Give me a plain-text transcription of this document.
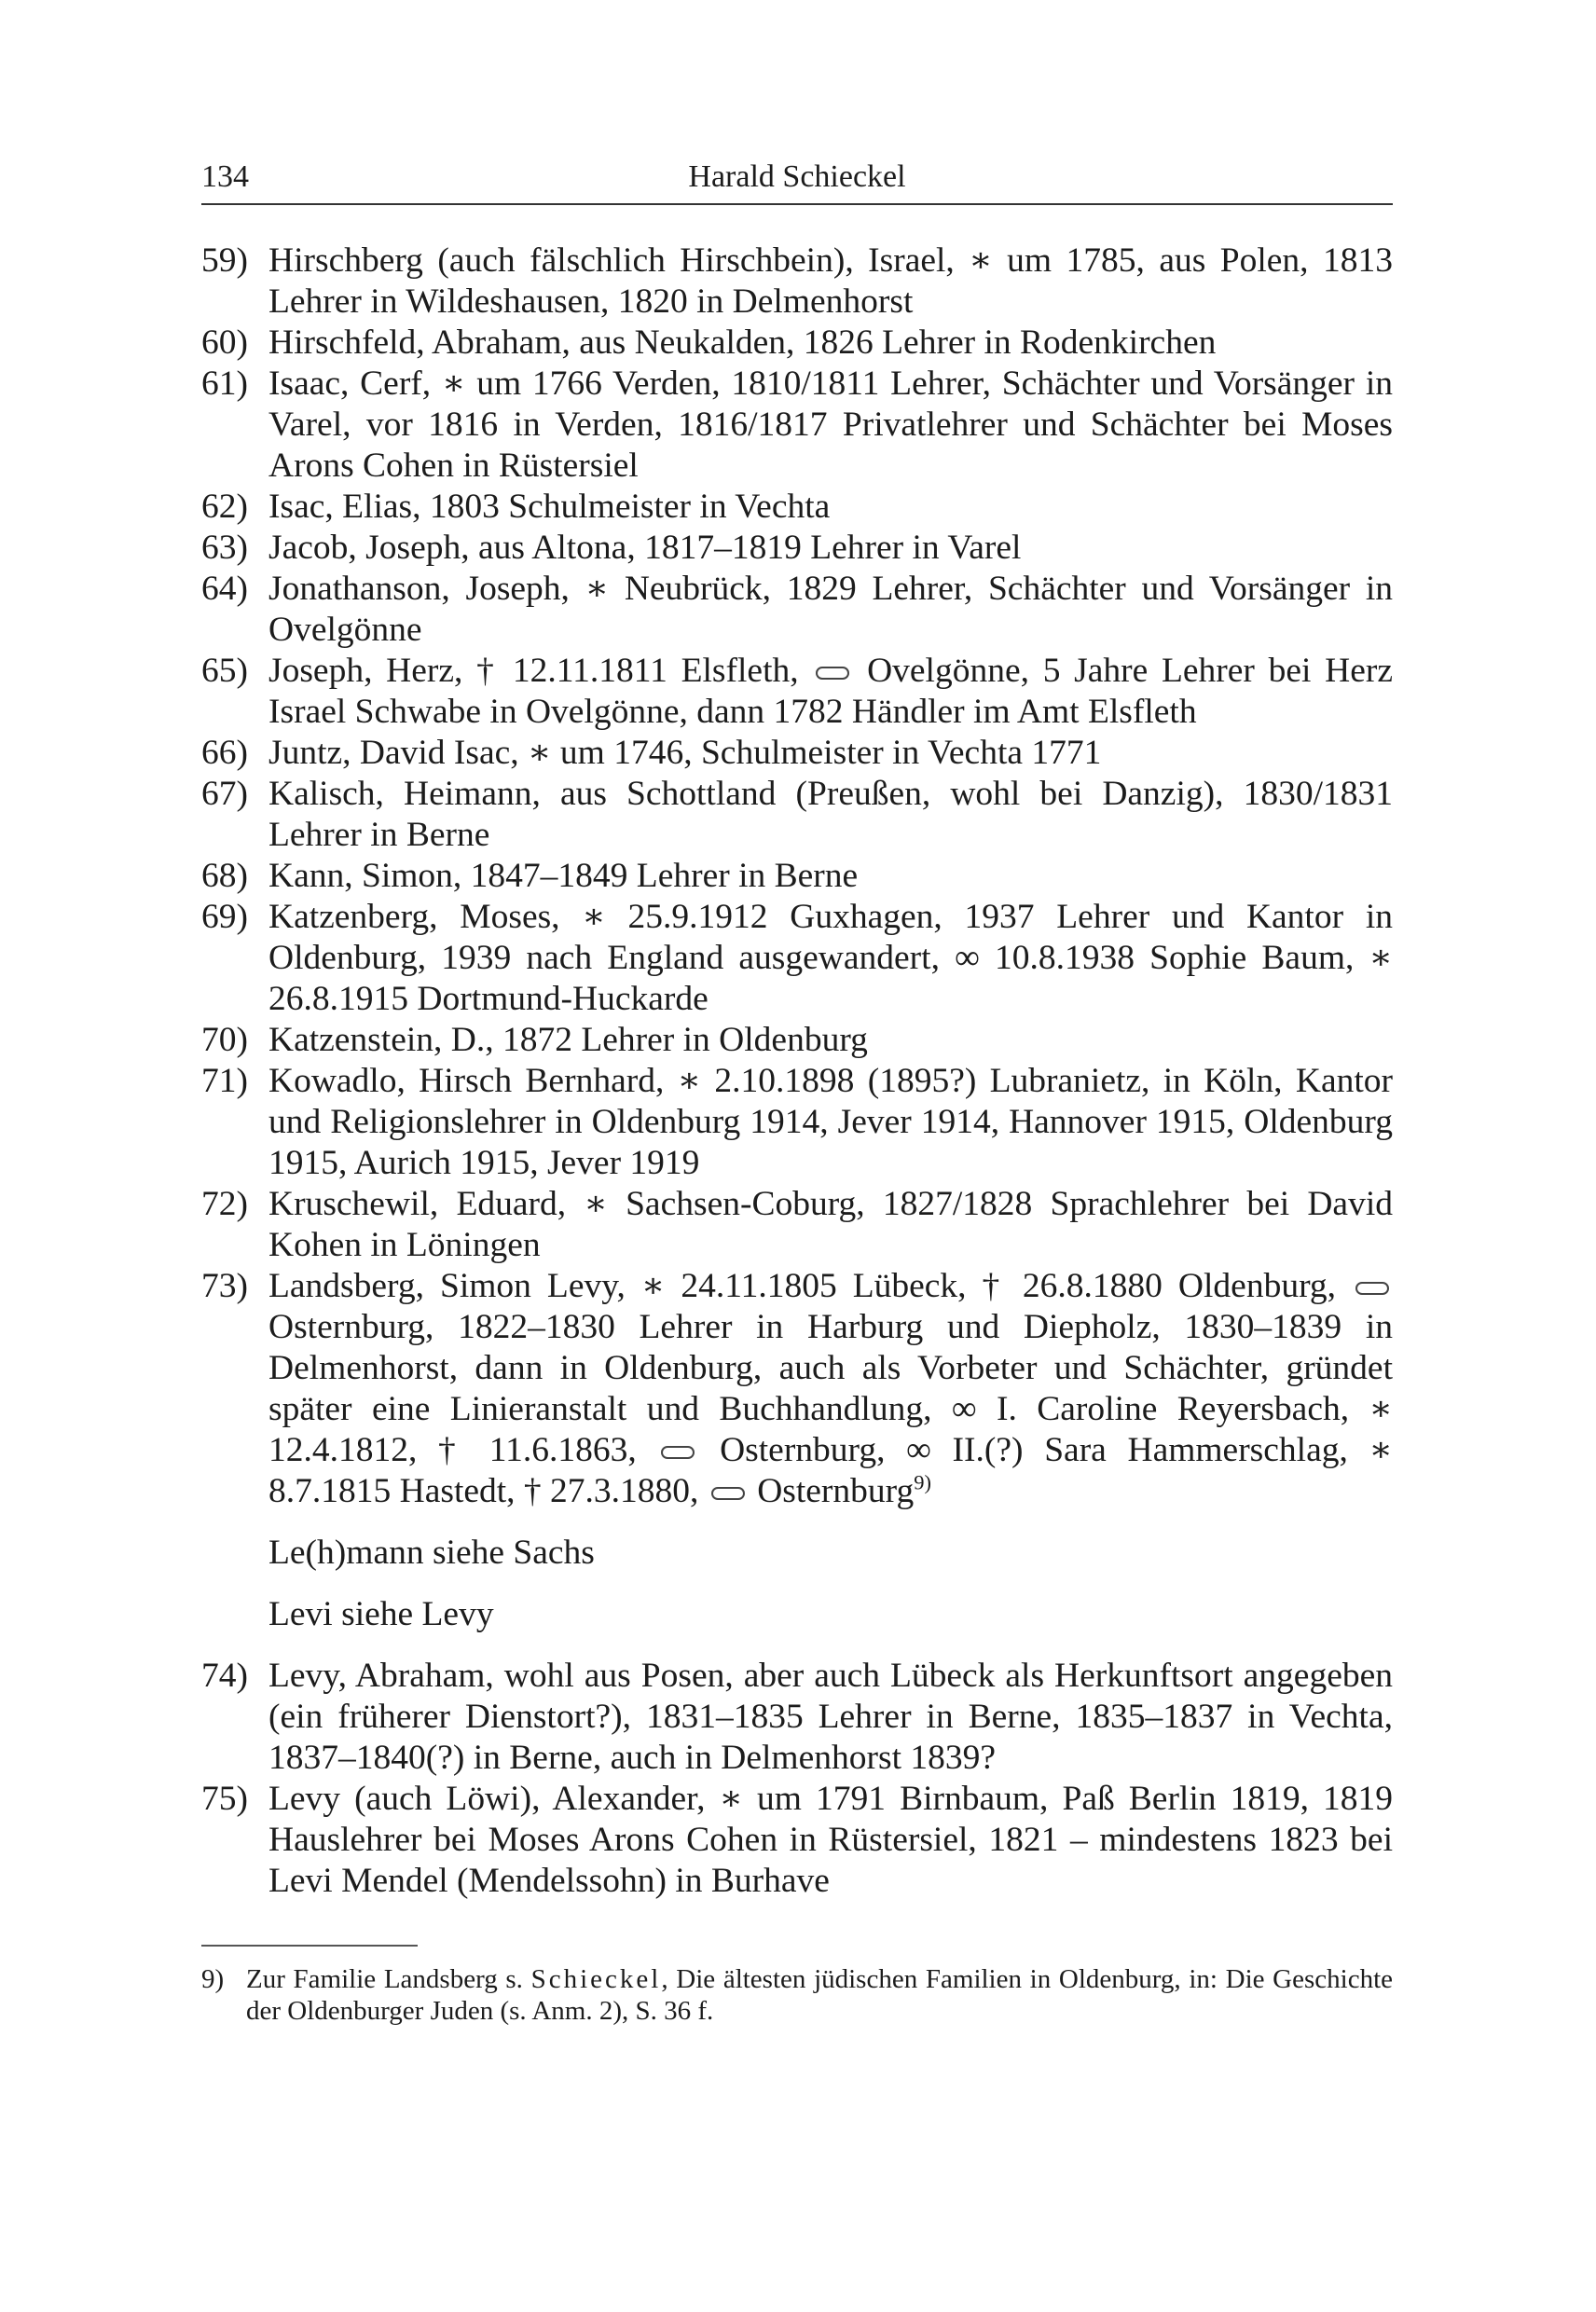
134	Harald Schieckel
59) Hirschberg (auch fälschlich Hirschbein), Israel, ∗ um 1785, aus Polen, 1813 Lehrer in Wildeshausen, 1820 in Delmenhorst
60) Hirschfeld, Abraham, aus Neukalden, 1826 Lehrer in Rodenkirchen
61) Isaac, Cerf, ∗ um 1766 Verden, 1810/1811 Lehrer, Schächter und Vorsänger in Varel, vor 1816 in Verden, 1816/1817 Privatlehrer und Schächter bei Moses Arons Cohen in Rüstersiel
62) Isac, Elias, 1803 Schulmeister in Vechta
63) Jacob, Joseph, aus Altona, 1817–1819 Lehrer in Varel
64) Jonathanson, Joseph, ∗ Neubrück, 1829 Lehrer, Schächter und Vorsänger in Ovelgönne
65) Joseph, Herz, † 12.11.1811 Elsfleth, Ovelgönne, 5 Jahre Lehrer bei Herz Israel Schwabe in Ovelgönne, dann 1782 Händler im Amt Elsfleth
66) Juntz, David Isac, ∗ um 1746, Schulmeister in Vechta 1771
67) Kalisch, Heimann, aus Schottland (Preußen, wohl bei Danzig), 1830/1831 Lehrer in Berne
68) Kann, Simon, 1847–1849 Lehrer in Berne
69) Katzenberg, Moses, ∗ 25.9.1912 Guxhagen, 1937 Lehrer und Kantor in Oldenburg, 1939 nach England ausgewandert, ∞ 10.8.1938 Sophie Baum, ∗ 26.8.1915 Dortmund-Huckarde
70) Katzenstein, D., 1872 Lehrer in Oldenburg
71) Kowadlo, Hirsch Bernhard, ∗ 2.10.1898 (1895?) Lubranietz, in Köln, Kantor und Religionslehrer in Oldenburg 1914, Jever 1914, Hannover 1915, Oldenburg 1915, Aurich 1915, Jever 1919
72) Kruschewil, Eduard, ∗ Sachsen-Coburg, 1827/1828 Sprachlehrer bei David Kohen in Löningen
73) Landsberg, Simon Levy, ∗ 24.11.1805 Lübeck, † 26.8.1880 Oldenburg,  Osternburg, 1822–1830 Lehrer in Harburg und Diepholz, 1830–1839 in Delmenhorst, dann in Oldenburg, auch als Vorbeter und Schächter, gründet später eine Linieranstalt und Buchhandlung, ∞ I. Caroline Reyersbach, ∗ 12.4.1812, † 11.6.1863, Osternburg, ∞ II.(?) Sara Hammerschlag, ∗ 8.7.1815 Hastedt, † 27.3.1880, Osternburg$^{9)}$
Le(h)mann siehe Sachs
Levi siehe Levy
74) Levy, Abraham, wohl aus Posen, aber auch Lübeck als Herkunftsort angegeben (ein früherer Dienstort?), 1831–1835 Lehrer in Berne, 1835–1837 in Vechta, 1837–1840(?) in Berne, auch in Delmenhorst 1839?
75) Levy (auch Löwi), Alexander, ∗ um 1791 Birnbaum, Paß Berlin 1819, 1819 Hauslehrer bei Moses Arons Cohen in Rüstersiel, 1821 – mindestens 1823 bei Levi Mendel (Mendelssohn) in Burhave
9) Zur Familie Landsberg s. Schieckel, Die ältesten jüdischen Familien in Oldenburg, in: Die Geschichte der Oldenburger Juden (s. Anm. 2), S. 36 f.
